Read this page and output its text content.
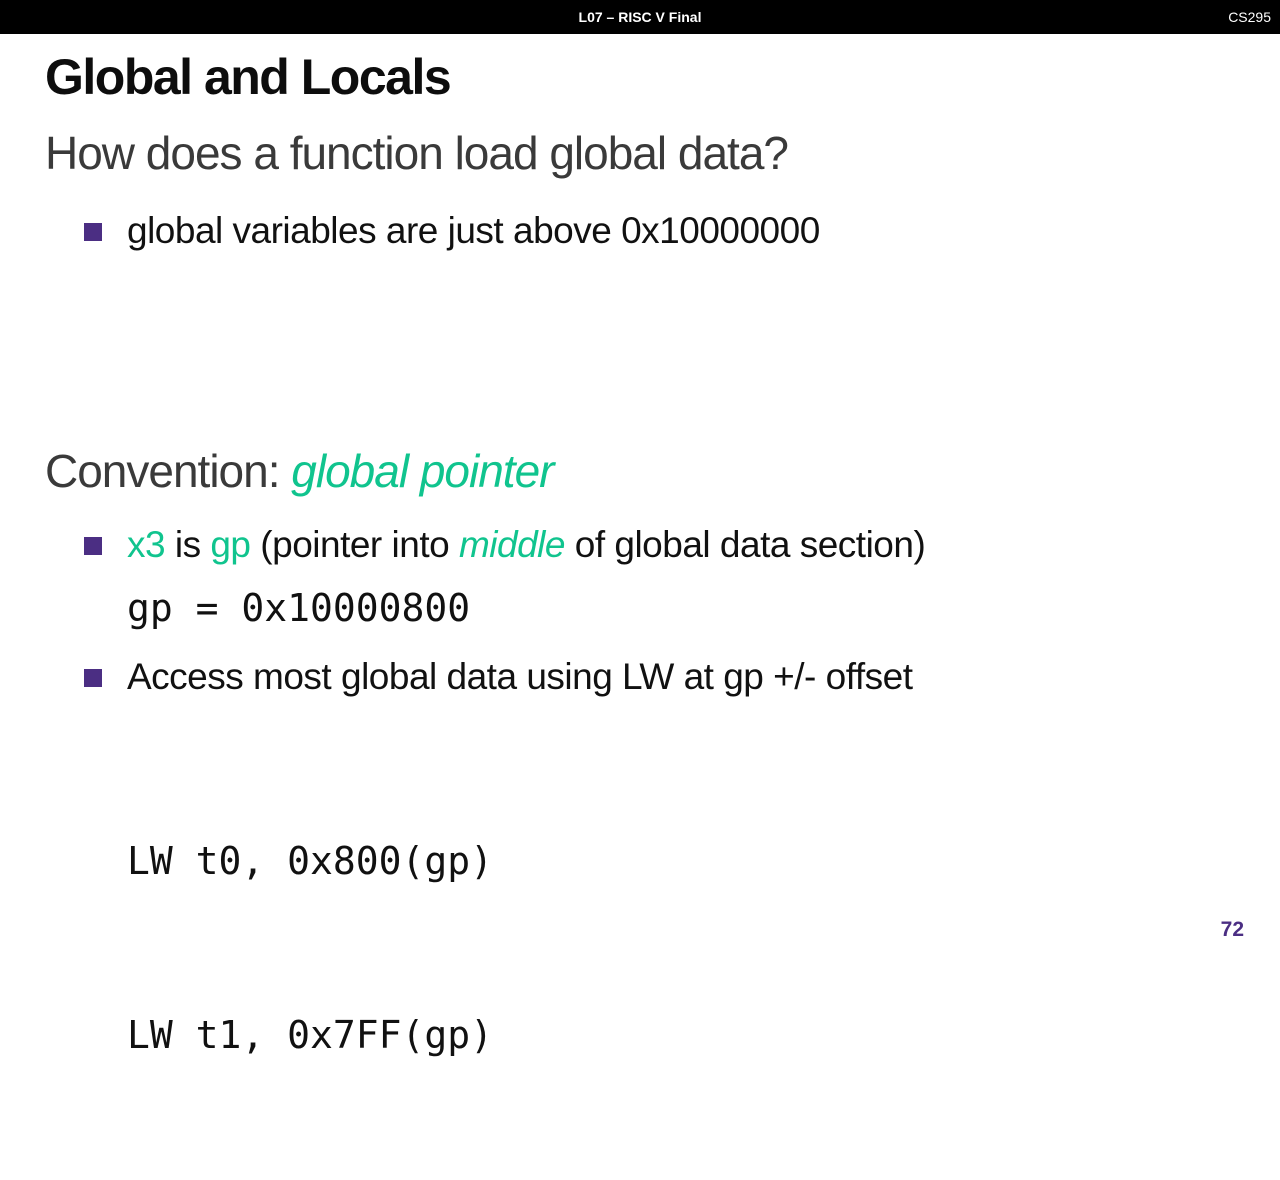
L07 – RISC V Final	CS295
Global and Locals
How does a function load global data?
global variables are just above 0x10000000
Convention: global pointer
x3 is gp (pointer into middle of global data section)
gp = 0x10000800
Access most global data using LW at gp +/- offset

LW t0, 0x800(gp)

LW t1, 0x7FF(gp)

72
